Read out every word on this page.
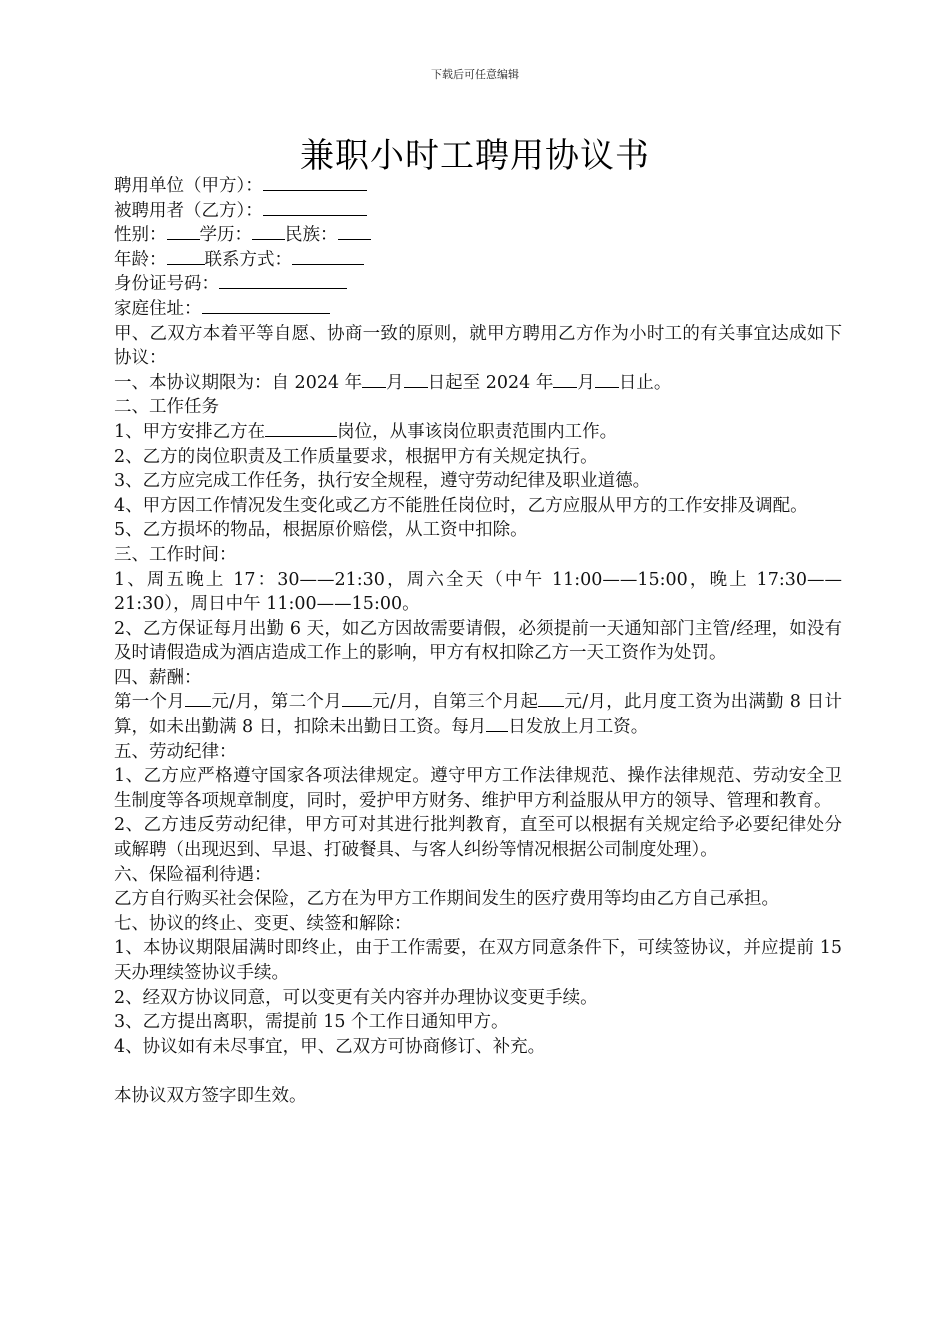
下载后可任意编辑
兼职小时工聘用协议书

聘用单位（甲方）：

被聘用者（乙方）：

性别： 学历： 民族：

年龄： 联系方式：

身份证号码：

家庭住址：

甲、乙双方本着平等自愿、协商一致的原则，就甲方聘用乙方作为小时工的有关事宜达成如下协议：

一、本协议期限为：自 2024 年 月 日起至 2024 年 月 日止。

二、工作任务

1、甲方安排乙方在	岗位，从事该岗位职责范围内工作。

2、乙方的岗位职责及工作质量要求，根据甲方有关规定执行。

3、乙方应完成工作任务，执行安全规程，遵守劳动纪律及职业道德。

4、甲方因工作情况发生变化或乙方不能胜任岗位时，乙方应服从甲方的工作安排及调配。

5、乙方损坏的物品，根据原价赔偿，从工资中扣除。

三、工作时间：

1、周五晚上 17：30——21:30，周六全天（中午 11:00——15:00，晚上 17:30——21:30），周日中午 11:00——15:00。

2、乙方保证每月出勤 6 天，如乙方因故需要请假，必须提前一天通知部门主管/经理，如没有及时请假造成为酒店造成工作上的影响，甲方有权扣除乙方一天工资作为处罚。

四、薪酬：

第一个月 元/月，第二个月 元/月，自第三个月起 元/月，此月度工资为出满勤 8 日计算，如未出勤满 8 日，扣除未出勤日工资。每月 日发放上月工资。

五、劳动纪律：

1、乙方应严格遵守国家各项法律规定。遵守甲方工作法律规范、操作法律规范、劳动安全卫生制度等各项规章制度，同时，爱护甲方财务、维护甲方利益服从甲方的领导、管理和教育。

2、乙方违反劳动纪律，甲方可对其进行批判教育，直至可以根据有关规定给予必要纪律处分或解聘（出现迟到、早退、打破餐具、与客人纠纷等情况根据公司制度处理）。

六、保险福利待遇：

乙方自行购买社会保险，乙方在为甲方工作期间发生的医疗费用等均由乙方自己承担。

七、协议的终止、变更、续签和解除：

1、本协议期限届满时即终止，由于工作需要，在双方同意条件下，可续签协议，并应提前 15 天办理续签协议手续。

2、经双方协议同意，可以变更有关内容并办理协议变更手续。

3、乙方提出离职，需提前 15 个工作日通知甲方。

4、协议如有未尽事宜，甲、乙双方可协商修订、补充。

本协议双方签字即生效。
